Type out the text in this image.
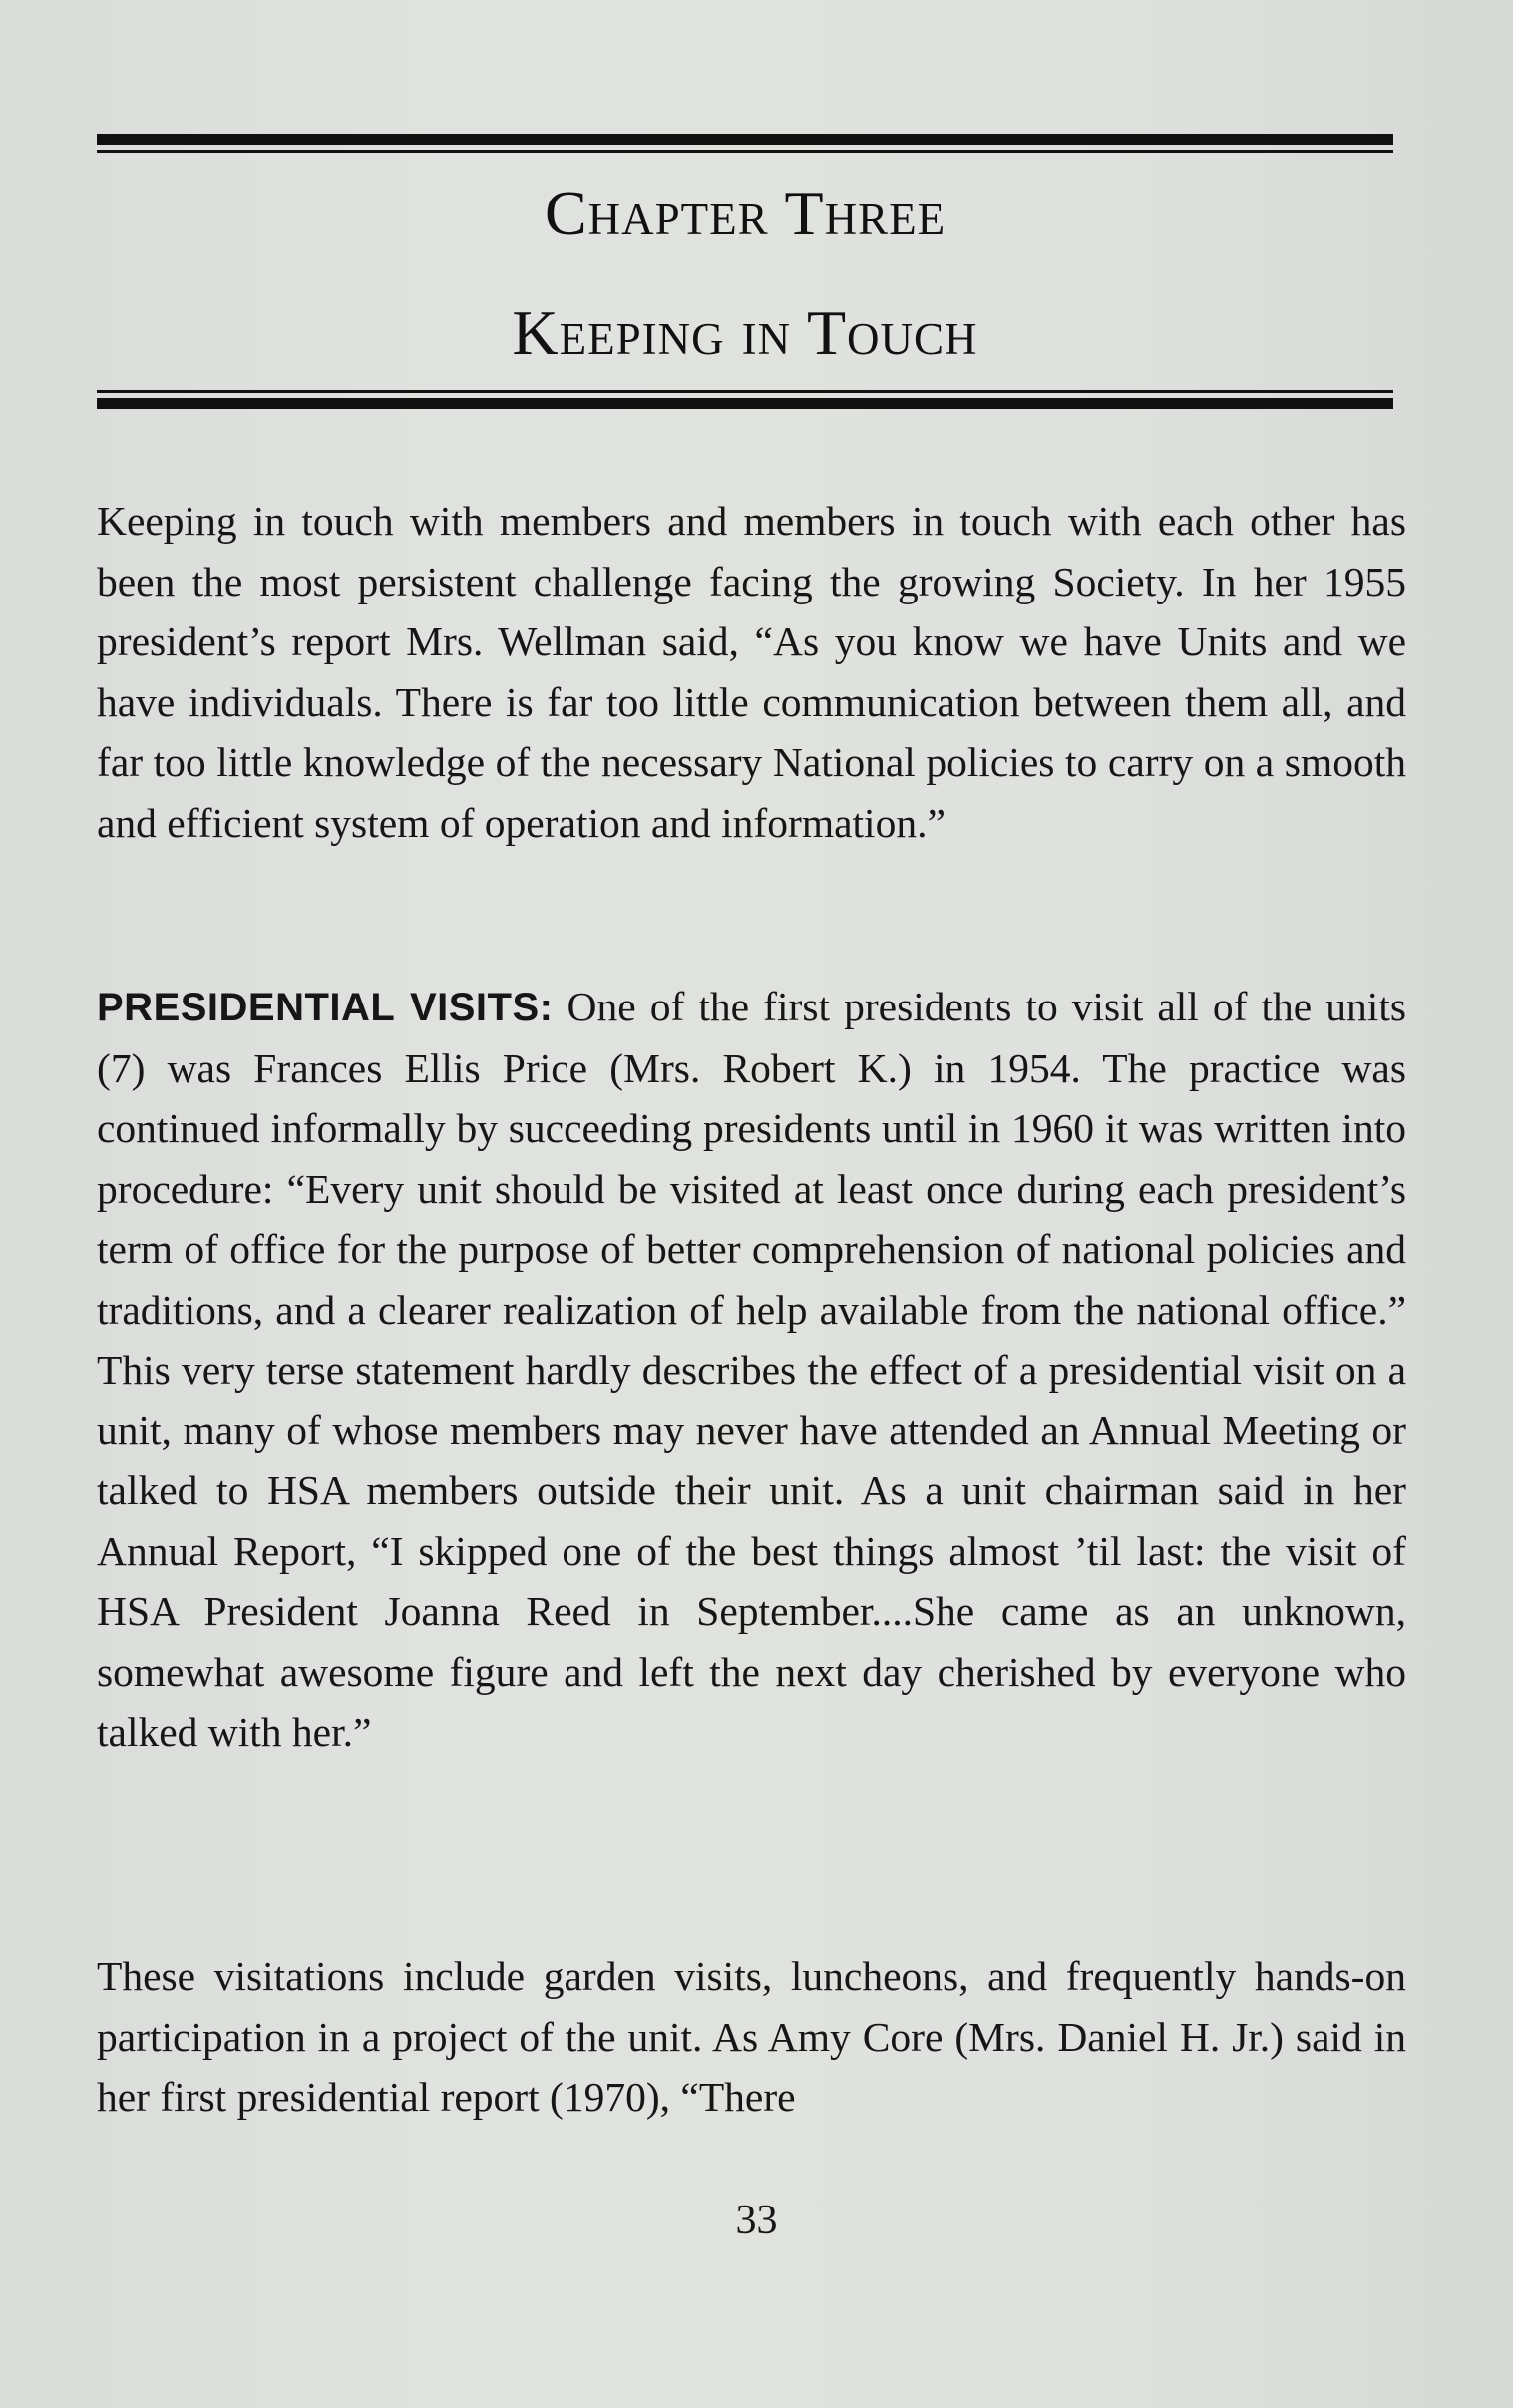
Chapter Three
Keeping in Touch

Keeping in touch with members and members in touch with each other has been the most persistent challenge facing the growing Society. In her 1955 president’s report Mrs. Wellman said, “As you know we have Units and we have individuals. There is far too little communication between them all, and far too little knowledge of the necessary National policies to carry on a smooth and efficient system of operation and information.”

PRESIDENTIAL VISITS: One of the first presidents to visit all of the units (7) was Frances Ellis Price (Mrs. Robert K.) in 1954. The practice was continued informally by succeeding presidents until in 1960 it was written into procedure: “Every unit should be visited at least once during each president’s term of office for the purpose of better comprehension of national policies and traditions, and a clearer realization of help available from the national office.” This very terse statement hardly describes the effect of a presidential visit on a unit, many of whose members may never have attended an Annual Meeting or talked to HSA members outside their unit. As a unit chairman said in her Annual Report, “I skipped one of the best things almost ’til last: the visit of HSA President Joanna Reed in September....She came as an unknown, somewhat awesome figure and left the next day cherished by everyone who talked with her.”

These visitations include garden visits, luncheons, and frequently hands-on participation in a project of the unit. As Amy Core (Mrs. Daniel H. Jr.) said in her first presidential report (1970), “There

33
